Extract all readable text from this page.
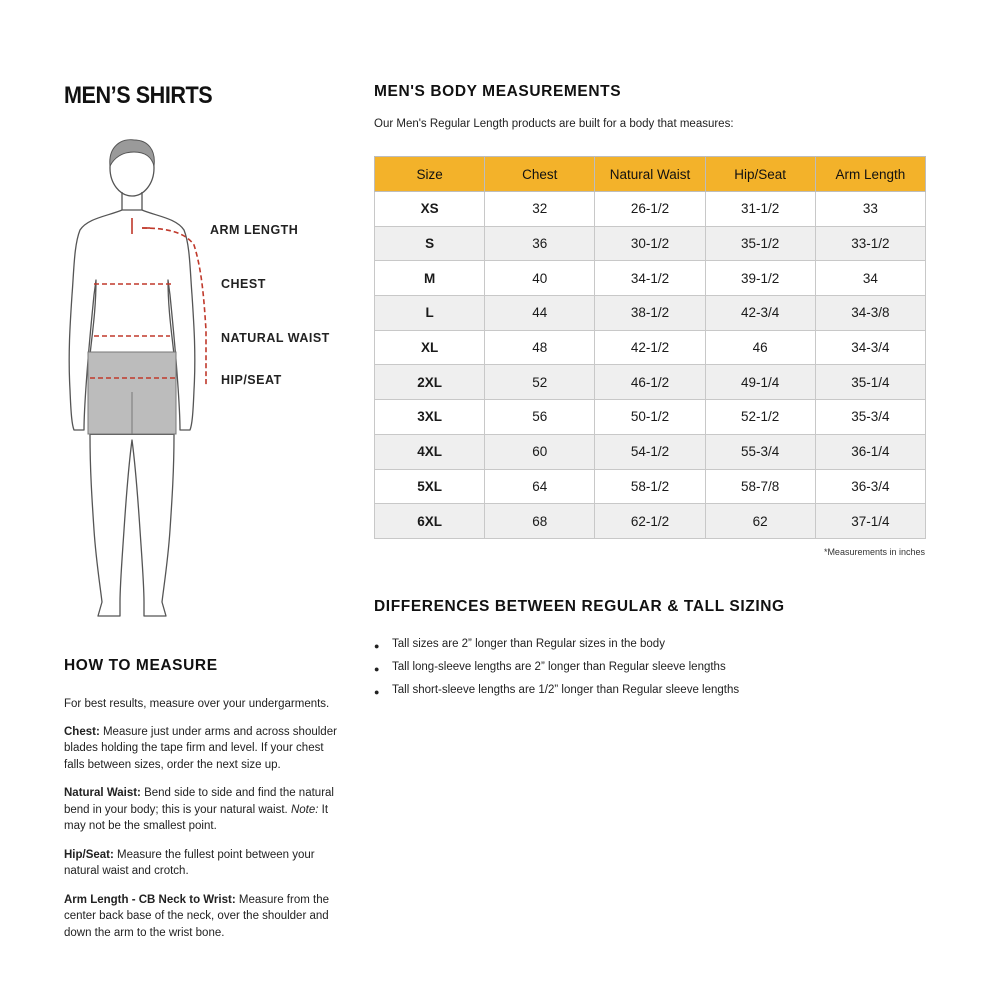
MEN’S SHIRTS
ARM LENGTH
CHEST
NATURAL WAIST
HIP/SEAT
HOW TO MEASURE

For best results, measure over your undergarments.

Chest: Measure just under arms and across shoulder blades holding the tape firm and level. If your chest falls between sizes, order the next size up.

Natural Waist: Bend side to side and find the natural bend in your body; this is your natural waist. Note: It may not be the smallest point.

Hip/Seat: Measure the fullest point between your natural waist and crotch.

Arm Length - CB Neck to Wrist: Measure from the center back base of the neck, over the shoulder and down the arm to the wrist bone.

MEN'S BODY MEASUREMENTS
Our Men's Regular Length products are built for a body that measures:
Size	Chest	Natural Waist	Hip/Seat	Arm Length
XS	32	26-1/2	31-1/2	33
S	36	30-1/2	35-1/2	33-1/2
M	40	34-1/2	39-1/2	34
L	44	38-1/2	42-3/4	34-3/8
XL	48	42-1/2	46	34-3/4
2XL	52	46-1/2	49-1/4	35-1/4
3XL	56	50-1/2	52-1/2	35-3/4
4XL	60	54-1/2	55-3/4	36-1/4
5XL	64	58-1/2	58-7/8	36-3/4
6XL	68	62-1/2	62	37-1/4
*Measurements in inches
DIFFERENCES BETWEEN REGULAR & TALL SIZING
●	Tall sizes are 2” longer than Regular sizes in the body
●	Tall long-sleeve lengths are 2” longer than Regular sleeve lengths
●	Tall short-sleeve lengths are 1/2” longer than Regular sleeve lengths
